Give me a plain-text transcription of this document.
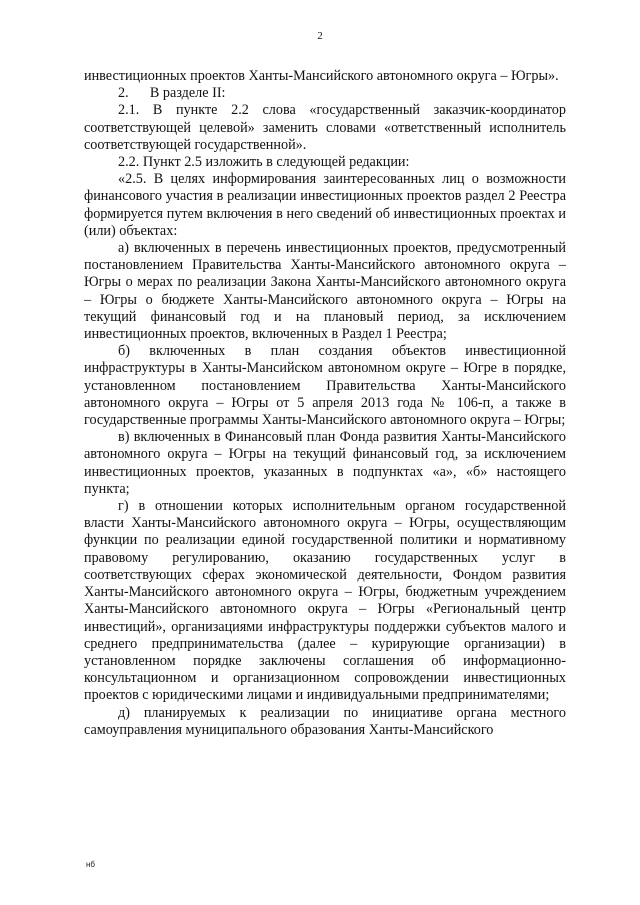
2

инвестиционных проектов Ханты-Мансийского автономного округа – Югры».

2.      В разделе II:

2.1. В пункте 2.2 слова «государственный заказчик-координатор соответствующей целевой» заменить словами «ответственный исполнитель соответствующей государственной».

2.2. Пункт 2.5 изложить в следующей редакции:

«2.5. В целях информирования заинтересованных лиц о возможности финансового участия в реализации инвестиционных проектов раздел 2 Реестра формируется путем включения в него сведений об инвестиционных проектах и (или) объектах:

а) включенных в перечень инвестиционных проектов, предусмотренный постановлением Правительства Ханты-Мансийского автономного округа – Югры о мерах по реализации Закона Ханты-Мансийского автономного округа – Югры о бюджете Ханты-Мансийского автономного округа – Югры на текущий финансовый год и на плановый период, за исключением инвестиционных проектов, включенных в Раздел 1 Реестра;

б) включенных в план создания объектов инвестиционной инфраструктуры в Ханты-Мансийском автономном округе – Югре в порядке, установленном постановлением Правительства Ханты-Мансийского автономного округа – Югры от 5 апреля 2013 года № 106-п, а также в государственные программы Ханты-Мансийского автономного округа – Югры;

в) включенных в Финансовый план Фонда развития Ханты-Мансийского автономного округа – Югры на текущий финансовый год, за исключением инвестиционных проектов, указанных в подпунктах «а», «б» настоящего пункта;

г) в отношении которых исполнительным органом государственной власти Ханты-Мансийского автономного округа – Югры, осуществляющим функции по реализации единой государственной политики и нормативному правовому регулированию, оказанию государственных услуг в соответствующих сферах экономической деятельности, Фондом развития Ханты-Мансийского автономного округа – Югры, бюджетным учреждением Ханты-Мансийского автономного округа – Югры «Региональный центр инвестиций», организациями инфраструктуры поддержки субъектов малого и среднего предпринимательства (далее – курирующие организации) в установленном порядке заключены соглашения об информационно-консультационном и организационном сопровождении инвестиционных проектов с юридическими лицами и индивидуальными предпринимателями;

д) планируемых к реализации по инициативе органа местного самоуправления муниципального образования Ханты-Мансийского

нб
